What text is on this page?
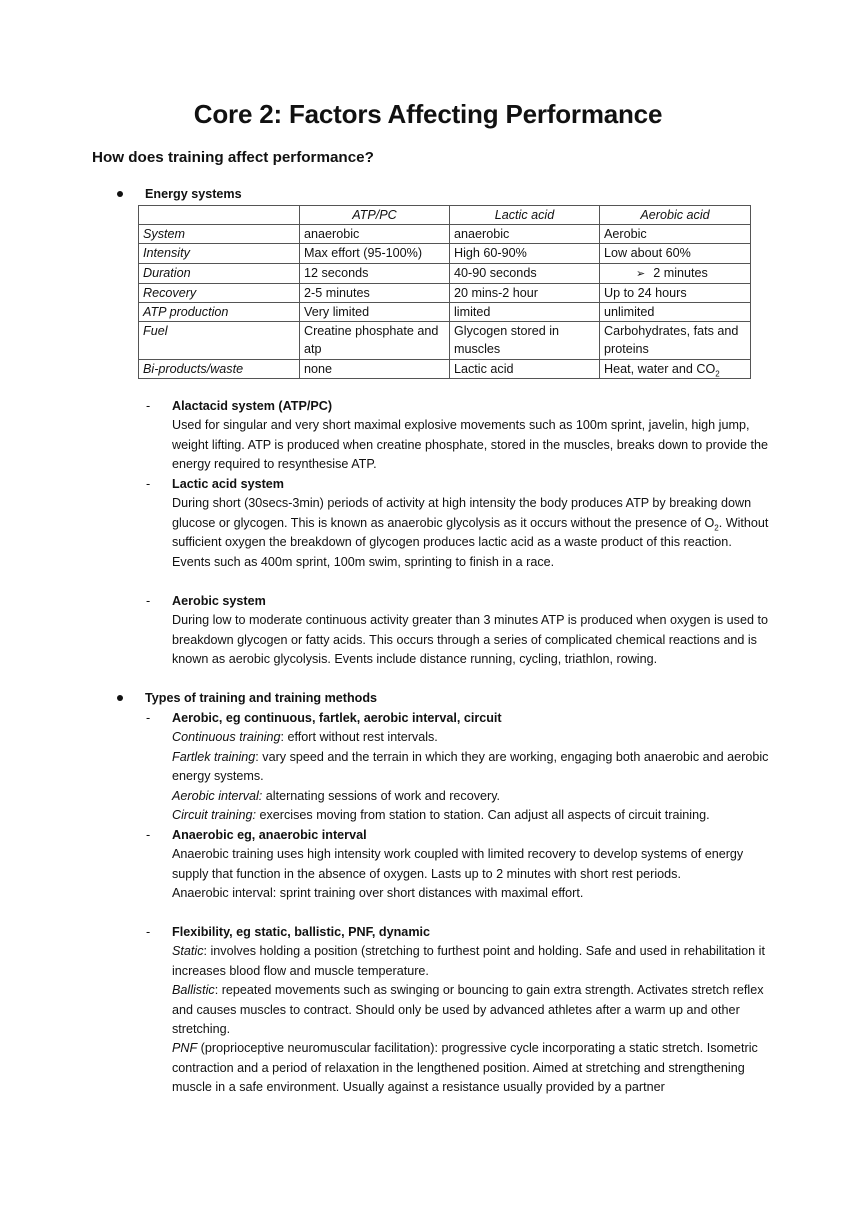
Core 2: Factors Affecting Performance
How does training affect performance?
Energy systems
	ATP/PC	Lactic acid	Aerobic acid
System	anaerobic	anaerobic	Aerobic
Intensity	Max effort (95-100%)	High 60-90%	Low about 60%
Duration	12 seconds	40-90 seconds	➢ 2 minutes
Recovery	2-5 minutes	20 mins-2 hour	Up to 24 hours
ATP production	Very limited	limited	unlimited
Fuel	Creatine phosphate and atp	Glycogen stored in muscles	Carbohydrates, fats and proteins
Bi-products/waste	none	Lactic acid	Heat, water and $CO_2$
- Alactacid system (ATP/PC)

Used for singular and very short maximal explosive movements such as 100m sprint, javelin, high jump, weight lifting. ATP is produced when creatine phosphate, stored in the muscles, breaks down to provide the energy required to resynthesise ATP.

- Lactic acid system

During short (30secs-3min) periods of activity at high intensity the body produces ATP by breaking down glucose or glycogen. This is known as anaerobic glycolysis as it occurs without the presence of $O_2$. Without sufficient oxygen the breakdown of glycogen produces lactic acid as a waste product of this reaction. Events such as 400m sprint, 100m swim, sprinting to finish in a race.

- Aerobic system

During low to moderate continuous activity greater than 3 minutes ATP is produced when oxygen is used to breakdown glycogen or fatty acids. This occurs through a series of complicated chemical reactions and is known as aerobic glycolysis. Events include distance running, cycling, triathlon, rowing.

Types of training and training methods
- Aerobic, eg continuous, fartlek, aerobic interval, circuit

Continuous training: effort without rest intervals.

Fartlek training: vary speed and the terrain in which they are working, engaging both anaerobic and aerobic energy systems.

Aerobic interval: alternating sessions of work and recovery.

Circuit training: exercises moving from station to station. Can adjust all aspects of circuit training.

- Anaerobic eg, anaerobic interval

Anaerobic training uses high intensity work coupled with limited recovery to develop systems of energy supply that function in the absence of oxygen. Lasts up to 2 minutes with short rest periods.

Anaerobic interval: sprint training over short distances with maximal effort.

- Flexibility, eg static, ballistic, PNF, dynamic

Static: involves holding a position (stretching to furthest point and holding. Safe and used in rehabilitation it increases blood flow and muscle temperature.

Ballistic: repeated movements such as swinging or bouncing to gain extra strength. Activates stretch reflex and causes muscles to contract. Should only be used by advanced athletes after a warm up and other stretching.

PNF (proprioceptive neuromuscular facilitation): progressive cycle incorporating a static stretch. Isometric contraction and a period of relaxation in the lengthened position. Aimed at stretching and strengthening muscle in a safe environment. Usually against a resistance usually provided by a partner
